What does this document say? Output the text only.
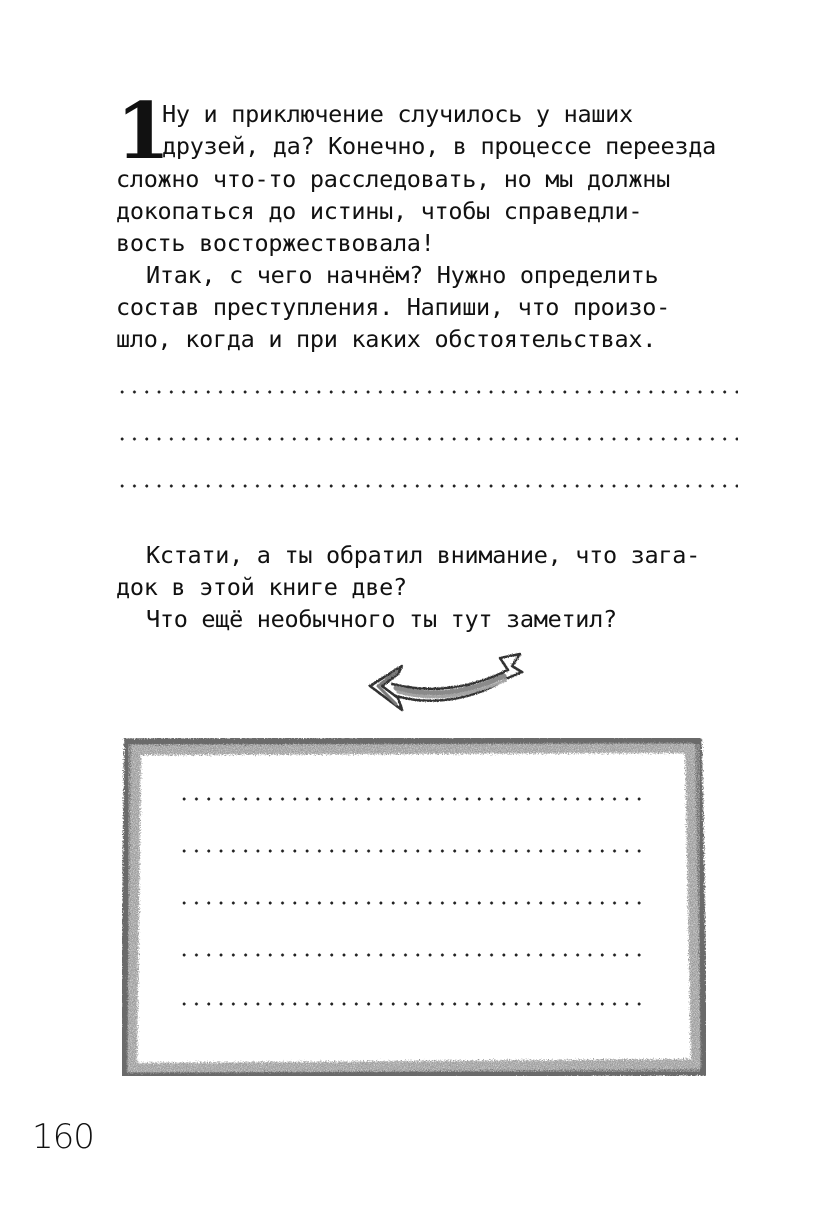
1
Ну и приключение случилось у наших
друзей, да? Конечно, в процессе переезда
сложно что-то расследовать, но мы должны
докопаться до истины, чтобы справедли-
вость восторжествовала!
Итак, с чего начнём? Нужно определить
состав преступления. Напиши, что произо-
шло, когда и при каких обстоятельствах.
Кстати, а ты обратил внимание, что зага-
док в этой книге две?
Что ещё необычного ты тут заметил?
160
